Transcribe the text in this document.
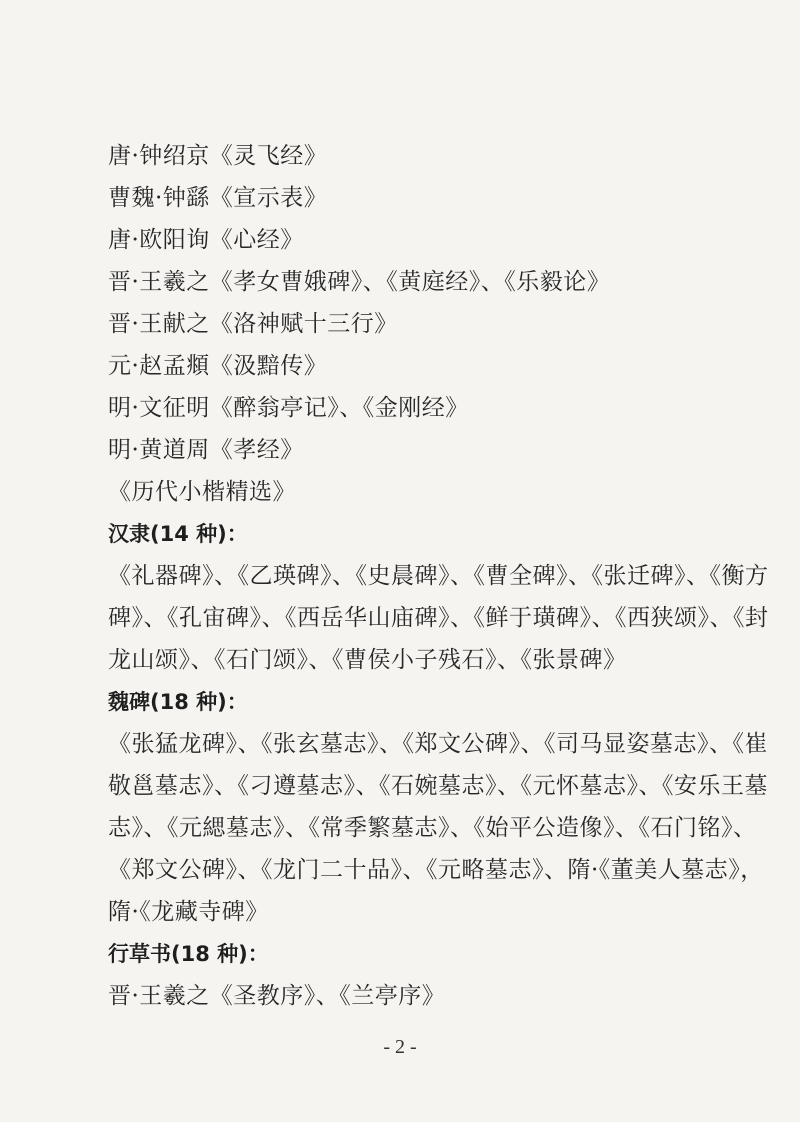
唐·钟绍京《灵飞经》
曹魏·钟繇《宣示表》
唐·欧阳询《心经》
晋·王羲之《孝女曹娥碑》、《黄庭经》、《乐毅论》
晋·王献之《洛神赋十三行》
元·赵孟頫《汲黯传》
明·文征明《醉翁亭记》、《金刚经》
明·黄道周《孝经》
《历代小楷精选》
汉隶(14 种)：
《礼器碑》、《乙瑛碑》、《史晨碑》、《曹全碑》、《张迁碑》、《衡方
碑》、《孔宙碑》、《西岳华山庙碑》、《鲜于璜碑》、《西狭颂》、《封
龙山颂》、《石门颂》、《曹侯小子残石》、《张景碑》
魏碑(18 种)：
《张猛龙碑》、《张玄墓志》、《郑文公碑》、《司马显姿墓志》、《崔
敬邕墓志》、《刁遵墓志》、《石婉墓志》、《元怀墓志》、《安乐王墓
志》、《元緦墓志》、《常季繁墓志》、《始平公造像》、《石门铭》、
《郑文公碑》、《龙门二十品》、《元略墓志》、隋·《董美人墓志》，
隋·《龙藏寺碑》
行草书(18 种)：
晋·王羲之《圣教序》、《兰亭序》
- 2 -
